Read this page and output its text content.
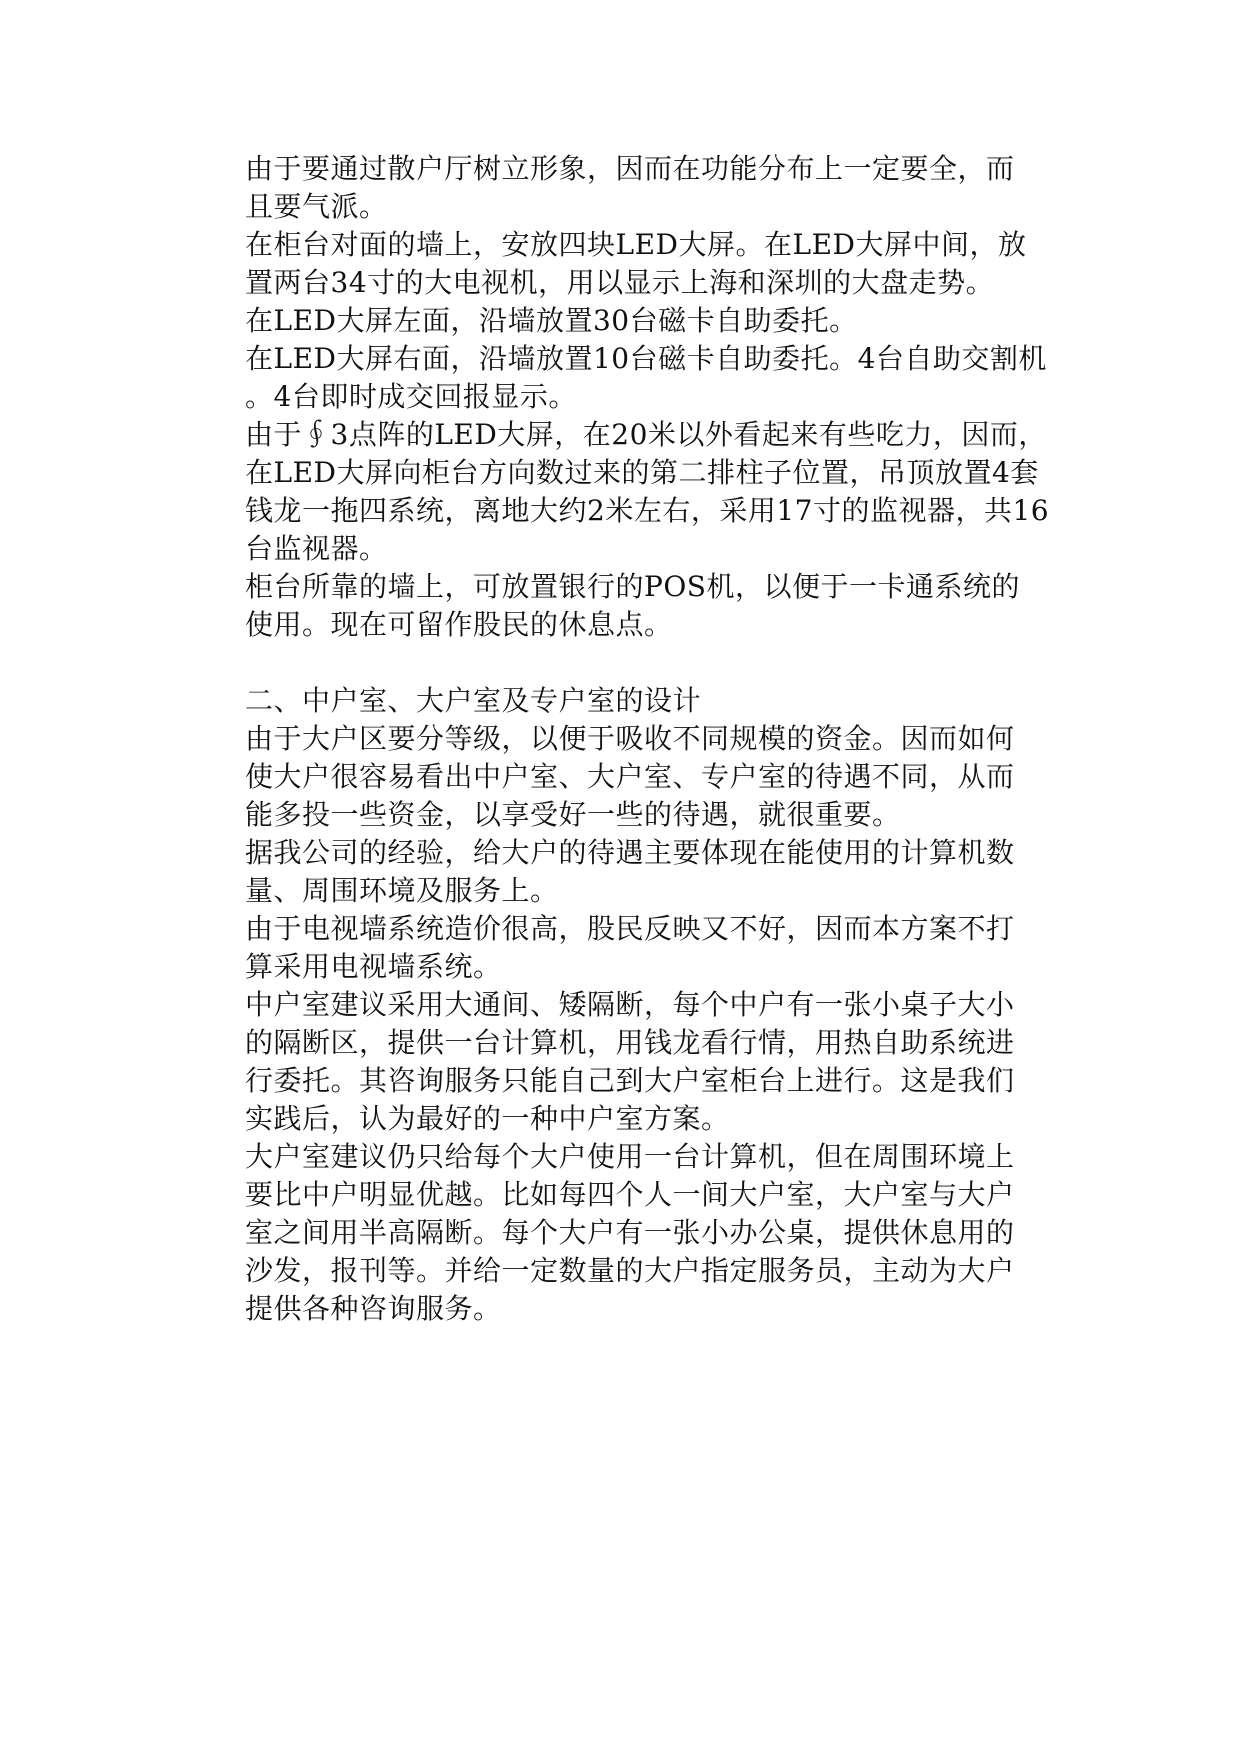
由于要通过散户厅树立形象，因而在功能分布上一定要全，而
且要气派。
在柜台对面的墙上，安放四块LED大屏。在LED大屏中间，放
置两台34寸的大电视机，用以显示上海和深圳的大盘走势。
在LED大屏左面，沿墙放置30台磁卡自助委托。
在LED大屏右面，沿墙放置10台磁卡自助委托。4台自助交割机
。4台即时成交回报显示。
由于∮3点阵的LED大屏，在20米以外看起来有些吃力，因而，
在LED大屏向柜台方向数过来的第二排柱子位置，吊顶放置4套
钱龙一拖四系统，离地大约2米左右，采用17寸的监视器，共16
台监视器。
柜台所靠的墙上，可放置银行的POS机，以便于一卡通系统的
使用。现在可留作股民的休息点。
二、中户室、大户室及专户室的设计
由于大户区要分等级，以便于吸收不同规模的资金。因而如何
使大户很容易看出中户室、大户室、专户室的待遇不同，从而
能多投一些资金，以享受好一些的待遇，就很重要。
据我公司的经验，给大户的待遇主要体现在能使用的计算机数
量、周围环境及服务上。
由于电视墙系统造价很高，股民反映又不好，因而本方案不打
算采用电视墙系统。
中户室建议采用大通间、矮隔断，每个中户有一张小桌子大小
的隔断区，提供一台计算机，用钱龙看行情，用热自助系统进
行委托。其咨询服务只能自己到大户室柜台上进行。这是我们
实践后，认为最好的一种中户室方案。
大户室建议仍只给每个大户使用一台计算机，但在周围环境上
要比中户明显优越。比如每四个人一间大户室，大户室与大户
室之间用半高隔断。每个大户有一张小办公桌，提供休息用的
沙发，报刊等。并给一定数量的大户指定服务员，主动为大户
提供各种咨询服务。
